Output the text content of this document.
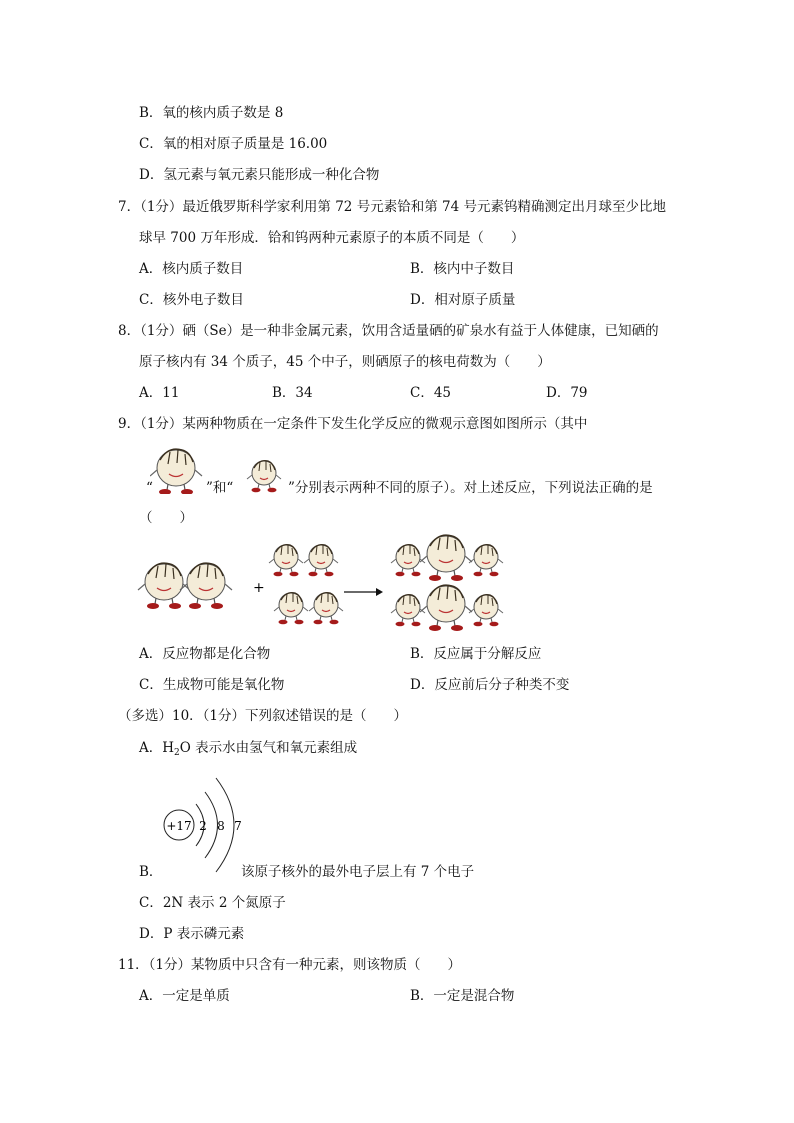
B．氧的核内质子数是 8
C．氧的相对原子质量是 16.00
D．氢元素与氧元素只能形成一种化合物
7．（1分）最近俄罗斯科学家利用第 72 号元素铪和第 74 号元素钨精确测定出月球至少比地
球早 700 万年形成．铪和钨两种元素原子的本质不同是（　　）
A．核内质子数目	B．核内中子数目
C．核外电子数目	D．相对原子质量
8．（1分）硒（Se）是一种非金属元素，饮用含适量硒的矿泉水有益于人体健康，已知硒的
原子核内有 34 个质子，45 个中子，则硒原子的核电荷数为（　　）
A．11	B．34	C．45	D．79
9．（1分）某两种物质在一定条件下发生化学反应的微观示意图如图所示（其中
“	”和“	”分别表示两种不同的原子）。对上述反应，下列说法正确的是
（　　）
+
A．反应物都是化合物	B．反应属于分解反应
C．生成物可能是氧化物	D．反应前后分子种类不变
（多选）10．（1分）下列叙述错误的是（　　）
A．$H_2O$ 表示水由氢气和氧元素组成
+17 2 8 7
B．	该原子核外的最外电子层上有 7 个电子
C．2N 表示 2 个氮原子
D．P 表示磷元素
11．（1分）某物质中只含有一种元素，则该物质（　　）
A．一定是单质	B．一定是混合物
